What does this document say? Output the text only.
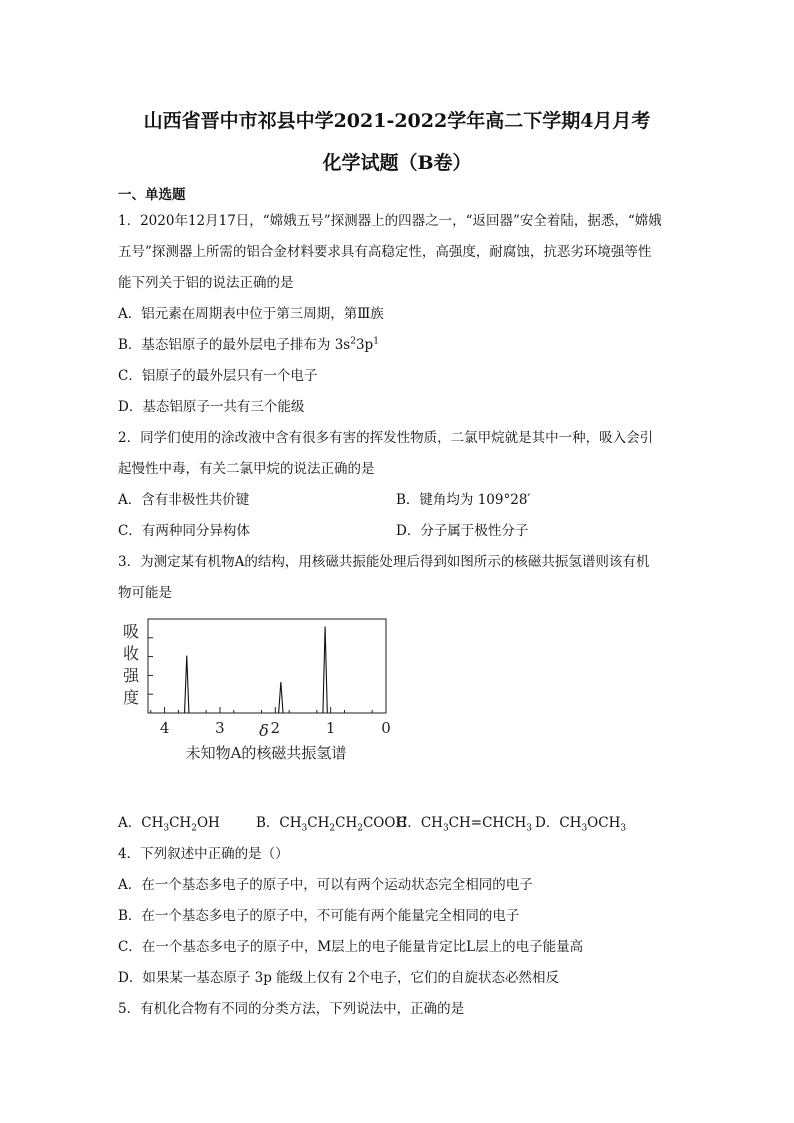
山西省晋中市祁县中学2021-2022学年高二下学期4月月考
化学试题（B卷）
一、单选题
1．2020年12月17日，“嫦娥五号”探测器上的四器之一，“返回器”安全着陆，据悉，“嫦娥
五号”探测器上所需的铝合金材料要求具有高稳定性，高强度，耐腐蚀，抗恶劣环境强等性
能下列关于铝的说法正确的是
A．铝元素在周期表中位于第三周期，第Ⅲ族
B．基态铝原子的最外层电子排布为 $3s^23p^1$
C．铝原子的最外层只有一个电子
D．基态铝原子一共有三个能级
2．同学们使用的涂改液中含有很多有害的挥发性物质，二氯甲烷就是其中一种，吸入会引
起慢性中毒，有关二氯甲烷的说法正确的是
A．含有非极性共价键	B．键角均为 109°28′
C．有两种同分异构体	D．分子属于极性分子
3．为测定某有机物A的结构，用核磁共振能处理后得到如图所示的核磁共振氢谱则该有机
物可能是
吸
收
强
度
4	3	2	1	0
δ
未知物A的核磁共振氢谱
A．$CH_3CH_2OH$	B．$CH_3CH_2CH_2COOH$
C．$CH_3CH=CHCH_3$ D．$CH_3OCH_3$
4．下列叙述中正确的是（）
A．在一个基态多电子的原子中，可以有两个运动状态完全相同的电子
B．在一个基态多电子的原子中，不可能有两个能量完全相同的电子
C．在一个基态多电子的原子中，M层上的电子能量肯定比L层上的电子能量高
D．如果某一基态原子 3p 能级上仅有 2个电子，它们的自旋状态必然相反
5．有机化合物有不同的分类方法，下列说法中，正确的是
